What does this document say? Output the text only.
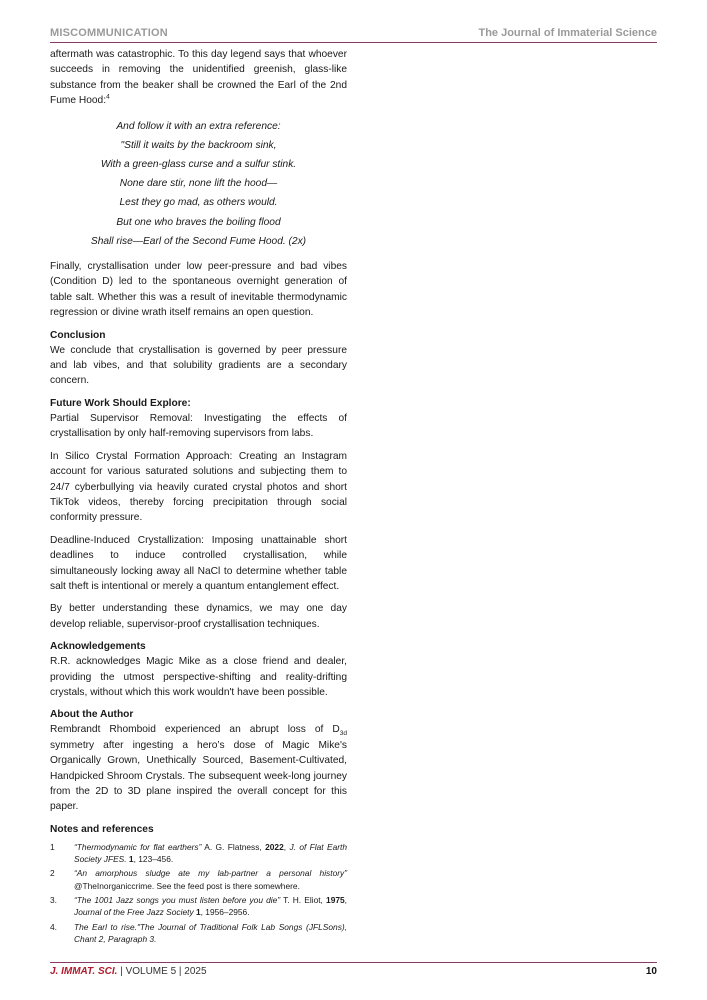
MISCOMMUNICATION	The Journal of Immaterial Science

aftermath was catastrophic. To this day legend says that whoever succeeds in removing the unidentified greenish, glass-like substance from the beaker shall be crowned the Earl of the 2nd Fume Hood:$^4$

And follow it with an extra reference:
"Still it waits by the backroom sink,
With a green-glass curse and a sulfur stink.
None dare stir, none lift the hood—
Lest they go mad, as others would.
But one who braves the boiling flood
Shall rise—Earl of the Second Fume Hood. (2x)

Finally, crystallisation under low peer-pressure and bad vibes (Condition D) led to the spontaneous overnight generation of table salt. Whether this was a result of inevitable thermodynamic regression or divine wrath itself remains an open question.

Conclusion

We conclude that crystallisation is governed by peer pressure and lab vibes, and that solubility gradients are a secondary concern.

Future Work Should Explore:

Partial Supervisor Removal: Investigating the effects of crystallisation by only half-removing supervisors from labs.

In Silico Crystal Formation Approach: Creating an Instagram account for various saturated solutions and subjecting them to 24/7 cyberbullying via heavily curated crystal photos and short TikTok videos, thereby forcing precipitation through social conformity pressure.

Deadline-Induced Crystallization: Imposing unattainable short deadlines to induce controlled crystallisation, while simultaneously locking away all NaCl to determine whether table salt theft is intentional or merely a quantum entanglement effect.

By better understanding these dynamics, we may one day develop reliable, supervisor-proof crystallisation techniques.

Acknowledgements

R.R. acknowledges Magic Mike as a close friend and dealer, providing the utmost perspective-shifting and reality-drifting crystals, without which this work wouldn't have been possible.

About the Author

Rembrandt Rhomboid experienced an abrupt loss of $D_{3d}$ symmetry after ingesting a hero’s dose of Magic Mike's Organically Grown, Unethically Sourced, Basement-Cultivated, Handpicked Shroom Crystals. The subsequent week-long journey from the 2D to 3D plane inspired the overall concept for this paper.

Notes and references
1	“Thermodynamic for flat earthers” A. G. Flatness, 2022, J. of Flat Earth Society JFES. 1, 123–456.
2	“An amorphous sludge ate my lab-partner a personal history” @TheInorganiccrime. See the feed post is there somewhere.
3.	“The 1001 Jazz songs you must listen before you die” T. H. Eliot, 1975, Journal of the Free Jazz Society 1, 1956–2956.
4.	The Earl to rise."The Journal of Traditional Folk Lab Songs (JFLSons), Chant 2, Paragraph 3.
J. IMMAT. SCI. | VOLUME 5 | 2025	10
